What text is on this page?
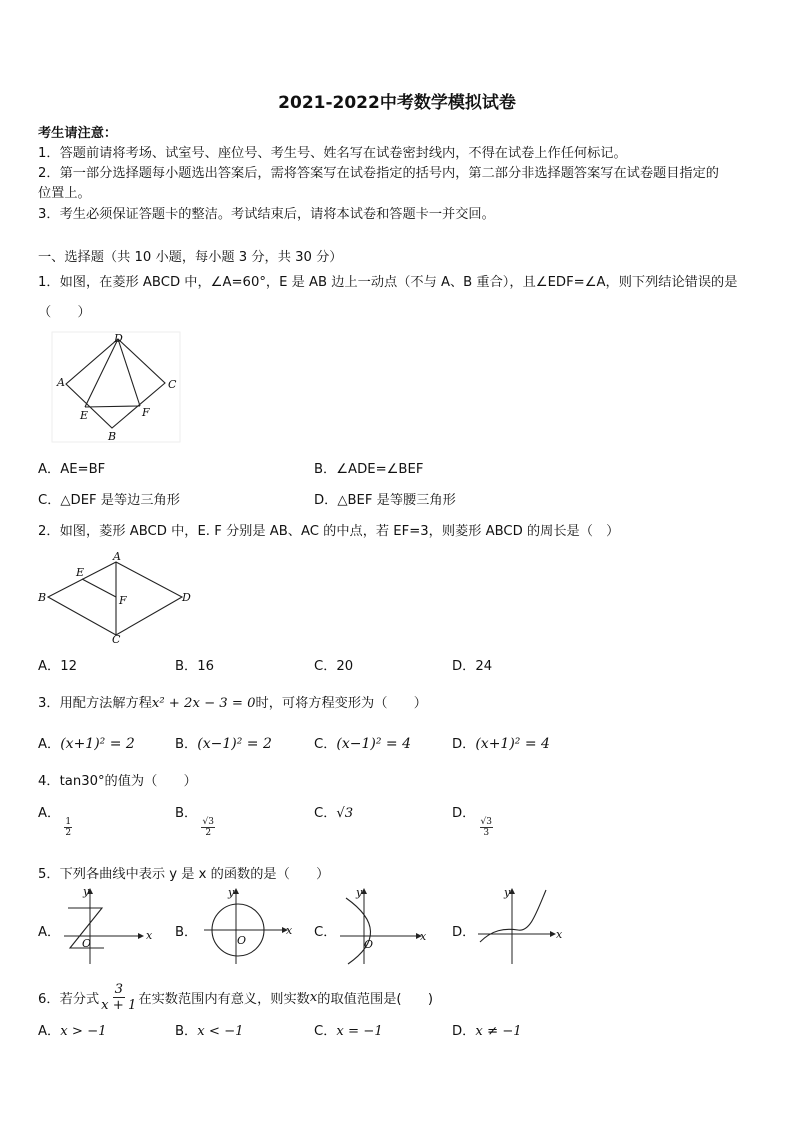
2021-2022中考数学模拟试卷
考生请注意：
1．答题前请将考场、试室号、座位号、考生号、姓名写在试卷密封线内，不得在试卷上作任何标记。
2．第一部分选择题每小题选出答案后，需将答案写在试卷指定的括号内，第二部分非选择题答案写在试卷题目指定的
位置上。
3．考生必须保证答题卡的整洁。考试结束后，请将本试卷和答题卡一并交回。
一、选择题（共 10 小题，每小题 3 分，共 30 分）
1．如图，在菱形 ABCD 中，∠A=60°，E 是 AB 边上一动点（不与 A、B 重合），且∠EDF=∠A，则下列结论错误的是
（　　）
D
A	C
E	F
B
A．AE=BF	B．∠ADE=∠BEF
C．△DEF 是等边三角形	D．△BEF 是等腰三角形
2．如图，菱形 ABCD 中，E. F 分别是 AB、AC 的中点，若 EF=3，则菱形 ABCD 的周长是（　）
A
B
C
D
E
F
A．12	B．16	C．20	D．24
3．用配方法解方程x² + 2x − 3 = 0时，可将方程变形为（　　）
A．(x+1)² = 2	B．(x−1)² = 2	C．(x−1)² = 4	D．(x+1)² = 4
4．tan30°的值为（　　）
A．
$\frac{1}{2}$
B．
$\frac{√3}{2}$
C．√3	D．
$\frac{√3}{3}$
5．下列各曲线中表示 y 是 x 的函数的是（　　）
A．	x
y
O
B．	x
y
O
C．	x
y
O
D．	x
y
6．若分式 $\frac{3}{x + 1}$ 在实数范围内有意义，则实数 x 的取值范围是(　　)
A．x > −1	B．x < −1	C．x = −1	D．x ≠ −1
